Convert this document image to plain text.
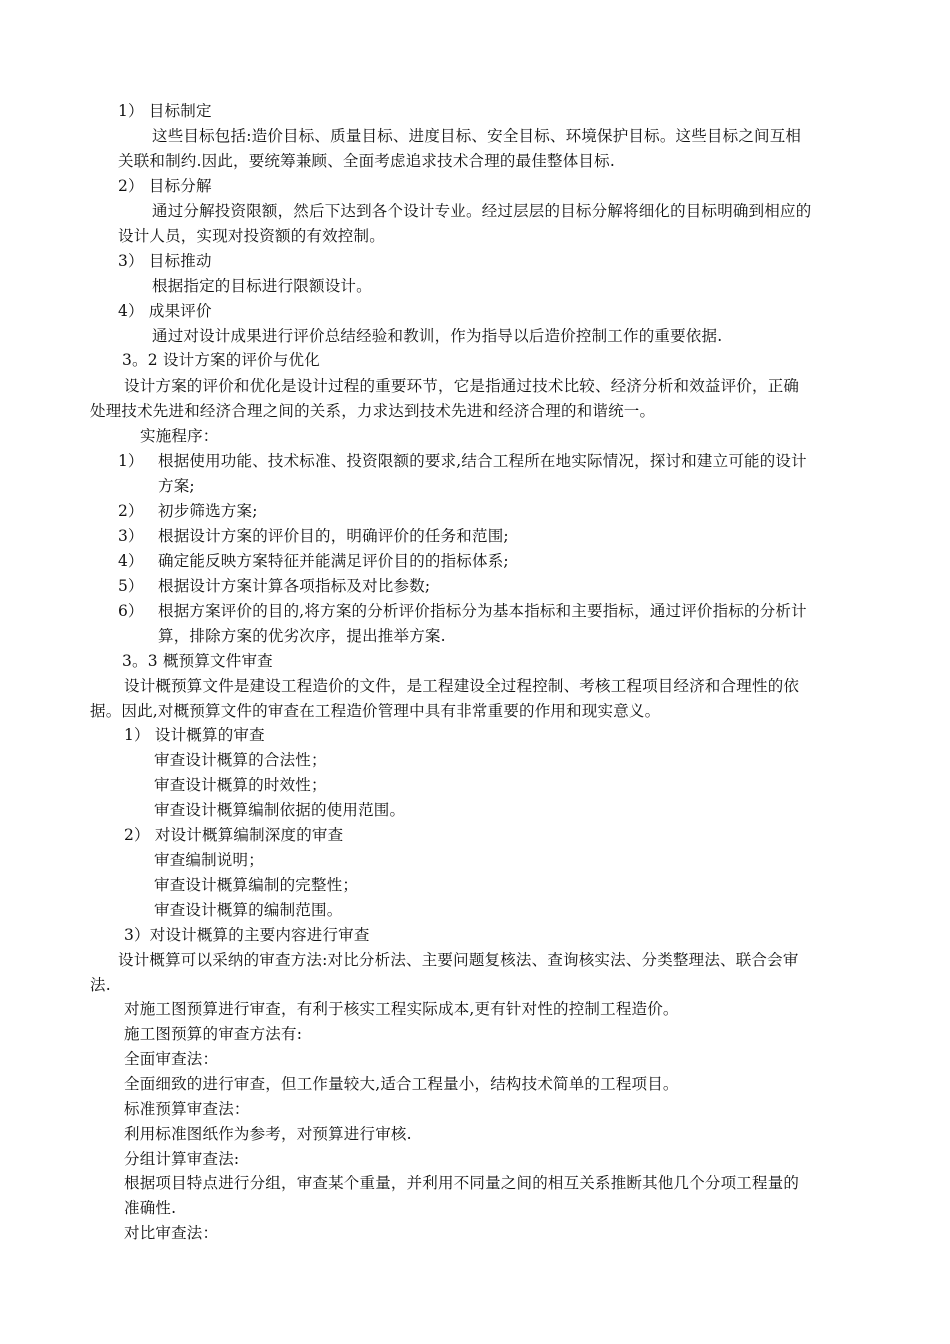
1） 目标制定
这些目标包括:造价目标、质量目标、进度目标、安全目标、环境保护目标。这些目标之间互相
关联和制约.因此，要统筹兼顾、全面考虑追求技术合理的最佳整体目标.
2） 目标分解
通过分解投资限额，然后下达到各个设计专业。经过层层的目标分解将细化的目标明确到相应的
设计人员，实现对投资额的有效控制。
3） 目标推动
根据指定的目标进行限额设计。
4） 成果评价
通过对设计成果进行评价总结经验和教训，作为指导以后造价控制工作的重要依据.
3。2 设计方案的评价与优化
设计方案的评价和优化是设计过程的重要环节，它是指通过技术比较、经济分析和效益评价，正确
处理技术先进和经济合理之间的关系，力求达到技术先进和经济合理的和谐统一。
实施程序：
1） 根据使用功能、技术标准、投资限额的要求,结合工程所在地实际情况，探讨和建立可能的设计
方案;
2） 初步筛选方案;
3） 根据设计方案的评价目的，明确评价的任务和范围;
4） 确定能反映方案特征并能满足评价目的的指标体系;
5） 根据设计方案计算各项指标及对比参数;
6） 根据方案评价的目的,将方案的分析评价指标分为基本指标和主要指标，通过评价指标的分析计
算，排除方案的优劣次序，提出推举方案.
3。3 概预算文件审查
设计概预算文件是建设工程造价的文件，是工程建设全过程控制、考核工程项目经济和合理性的依
据。因此,对概预算文件的审查在工程造价管理中具有非常重要的作用和现实意义。
1） 设计概算的审查
审查设计概算的合法性；
审查设计概算的时效性；
审查设计概算编制依据的使用范围。
2） 对设计概算编制深度的审查
审查编制说明；
审查设计概算编制的完整性；
审查设计概算的编制范围。
3）对设计概算的主要内容进行审查
设计概算可以采纳的审查方法:对比分析法、主要问题复核法、查询核实法、分类整理法、联合会审
法.
对施工图预算进行审查，有利于核实工程实际成本,更有针对性的控制工程造价。
施工图预算的审查方法有:
全面审查法：
全面细致的进行审查，但工作量较大,适合工程量小，结构技术简单的工程项目。
标准预算审查法：
利用标准图纸作为参考，对预算进行审核.
分组计算审查法:
根据项目特点进行分组，审查某个重量，并利用不同量之间的相互关系推断其他几个分项工程量的
准确性.
对比审查法：
